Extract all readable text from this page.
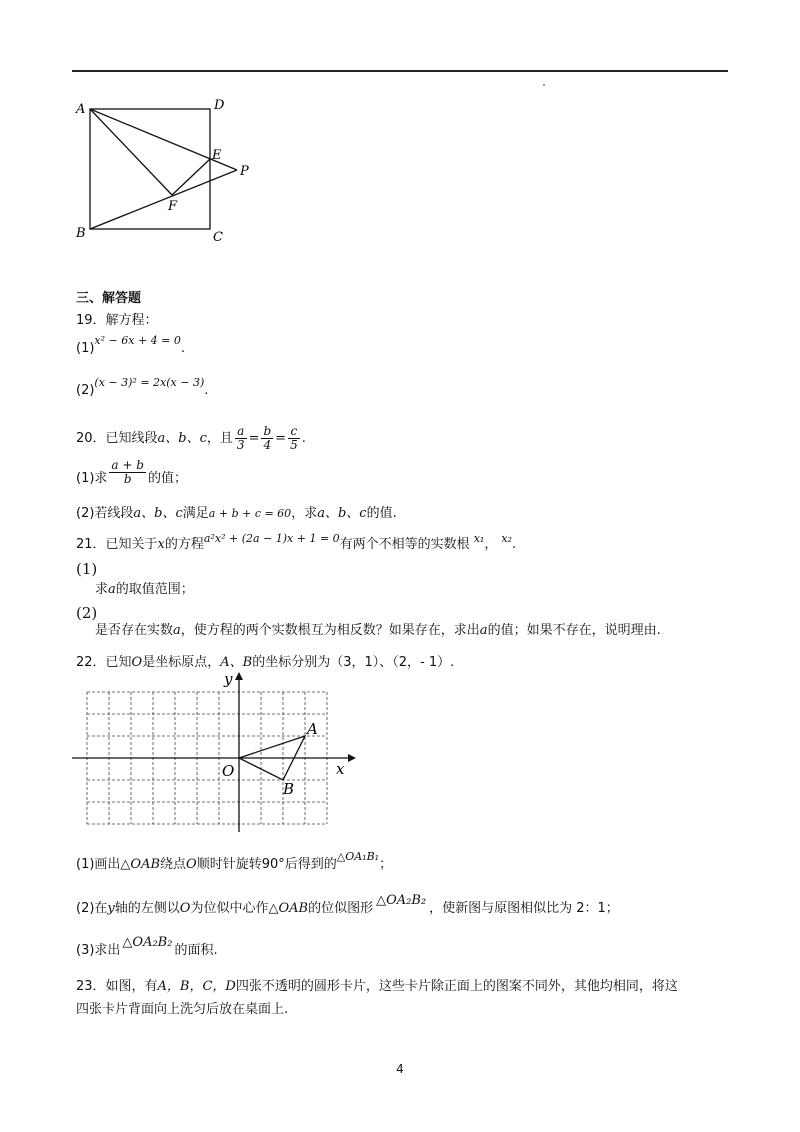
A	D
E
P
F
B	C
三、解答题
19．解方程：
$(1)^{x^2 - 6x + 4 = 0}$.
$(2)^{(x - 3)^2 = 2x(x - 3)}$.
20．已知线段a、b、c，且 $\frac{a}{3} = \frac{b}{4} = \frac{c}{5}$ .
(1)求 $\frac{a + b}{b}$ 的值；
(2)若线段a、b、c满足a + b + c = 60，求a、b、c的值.
21．已知关于x的方程$^{a^2x^2 + (2a - 1)x + 1 = 0}$有两个不相等的实数根 $^{x_1}$， $^{x_2}$.
(1)
求a的取值范围；
(2)
是否存在实数a，使方程的两个实数根互为相反数？如果存在，求出a的值；如果不存在，说明理由.
22．已知O是坐标原点，A、B的坐标分别为（3，1）、（2，- 1）.
y
x
O
A
B
(1)画出△OAB绕点O顺时针旋转90°后得到的$^{\triangle OA_1B_1}$；
(2)在y轴的左侧以O为位似中心作△OAB的位似图形△OA₂B₂，使新图与原图相似比为 2：1；
(3)求出△OA₂B₂的面积.
23．如图，有A，B，C，D四张不透明的圆形卡片，这些卡片除正面上的图案不同外，其他均相同，将这
四张卡片背面向上洗匀后放在桌面上.
4
